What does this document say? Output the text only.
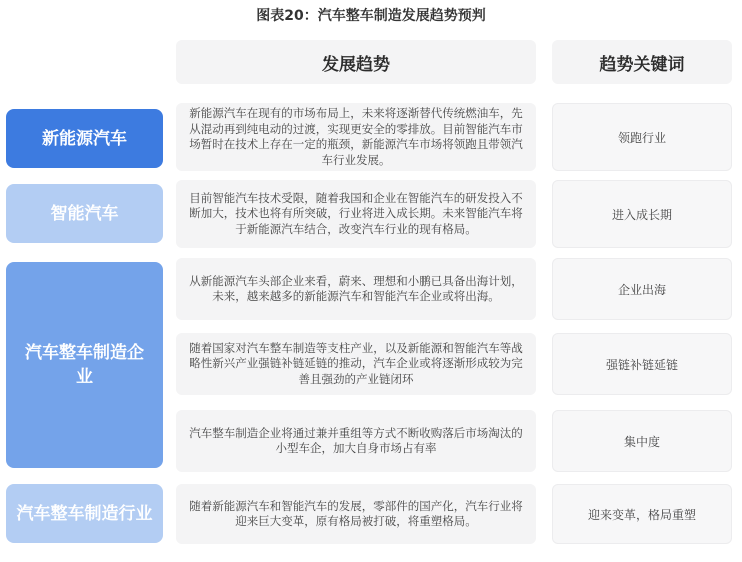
图表20：汽车整车制造发展趋势预判
发展趋势	趋势关键词
新能源汽车
智能汽车
汽车整车制造企业
汽车整车制造行业
新能源汽车在现有的市场布局上，未来将逐渐替代传统燃油车，先从混动再到纯电动的过渡，实现更安全的零排放。目前智能汽车市场暂时在技术上存在一定的瓶颈，新能源汽车市场将领跑且带领汽车行业发展。
目前智能汽车技术受限，随着我国和企业在智能汽车的研发投入不断加大，技术也将有所突破，行业将进入成长期。未来智能汽车将于新能源汽车结合，改变汽车行业的现有格局。
从新能源汽车头部企业来看，蔚来、理想和小鹏已具备出海计划，未来，越来越多的新能源汽车和智能汽车企业或将出海。
随着国家对汽车整车制造等支柱产业，以及新能源和智能汽车等战略性新兴产业强链补链延链的推动，汽车企业或将逐渐形成较为完善且强劲的产业链闭环
汽车整车制造企业将通过兼并重组等方式不断收购落后市场淘汰的小型车企，加大自身市场占有率
随着新能源汽车和智能汽车的发展，零部件的国产化，汽车行业将迎来巨大变革，原有格局被打破，将重塑格局。
领跑行业
进入成长期
企业出海
强链补链延链
集中度
迎来变革，格局重塑
